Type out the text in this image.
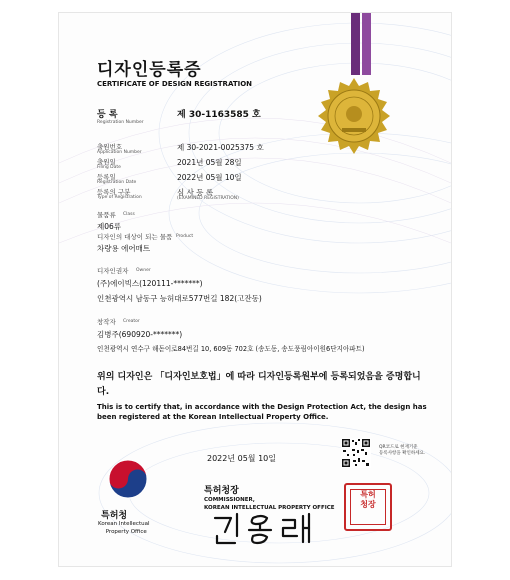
디자인등록증
CERTIFICATE OF DESIGN REGISTRATION
등 록
Registration Number
제 30-1163585 호
출원번호
Application Number
제 30-2021-0025375 호
출원일
Filing Date
2021년 05월 28일
등록일
Registration Date
2022년 05월 10일
등록의 구분
Type of Registration
심 사 등 록
(EXAMINED REGISTRATION)
물품류 Class
제06류
디자인의 대상이 되는 물품 Product
차량용 에어매트
디자인권자 Owner
(주)에이빅스(120111-*******)
인천광역시 남동구 능허대로577번길 182(고잔동)
창작자 Creator
김병주(690920-*******)
인천광역시 연수구 해돋이로84번길 10, 609동 702호 (송도동, 송도풍림아이원6단지아파트)
위의 디자인은 「디자인보호법」에 따라 디자인등록원부에 등록되었음을 증명합니다.
This is to certify that, in accordance with the Design Protection Act, the design has been registered at the Korean Intellectual Property Office.
특허청
Korean Intellectual
Property Office
2022년 05월 10일
QR코드로 현재기준
등록사항을 확인하세요.
특허청장
COMMISSIONER,
KOREAN INTELLECTUAL PROPERTY OFFICE
특허
청장
